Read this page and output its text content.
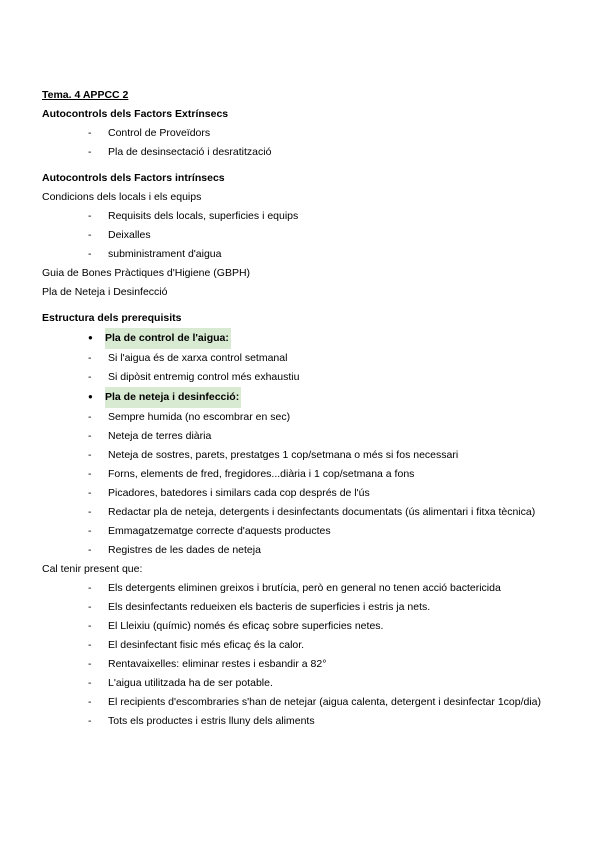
Tema. 4 APPCC 2

Autocontrols dels Factors Extrínsecs

-	Control de Proveïdors
-	Pla de desinsectació i desratització

Autocontrols dels Factors intrínsecs

Condicions dels locals i els equips

-	Requisits dels locals, superficies i equips
-	Deixalles
-	subministrament d'aigua

Guia de Bones Pràctiques d'Higiene (GBPH)

Pla de Neteja i Desinfecció

Estructura dels prerequisits

●	Pla de control de l'aigua:
-	Si l'aigua és de xarxa control setmanal
-	Si dipòsit entremig control més exhaustiu
●	Pla de neteja i desinfecció:
-	Sempre humida (no escombrar en sec)
-	Neteja de terres diària
-	Neteja de sostres, parets, prestatges 1 cop/setmana o més si fos necessari
-	Forns, elements de fred, fregidores...diària i 1 cop/setmana a fons
-	Picadores, batedores i similars cada cop després de l'ús
-	Redactar pla de neteja, detergents i desinfectants documentats (ús alimentari i fitxa tècnica)
-	Emmagatzematge correcte d'aquests productes
-	Registres de les dades de neteja

Cal tenir present que:

-	Els detergents eliminen greixos i brutícia, però en general no tenen acció bactericida
-	Els desinfectants redueixen els bacteris de superficies i estris ja nets.
-	El Lleixiu (químic) només és eficaç sobre superficies netes.
-	El desinfectant fisic més eficaç és la calor.
-	Rentavaixelles: eliminar restes i esbandir a 82°
-	L'aigua utilitzada ha de ser potable.
-	El recipients d'escombraries s'han de netejar (aigua calenta, detergent i desinfectar 1cop/dia)
-	Tots els productes i estris lluny dels aliments
